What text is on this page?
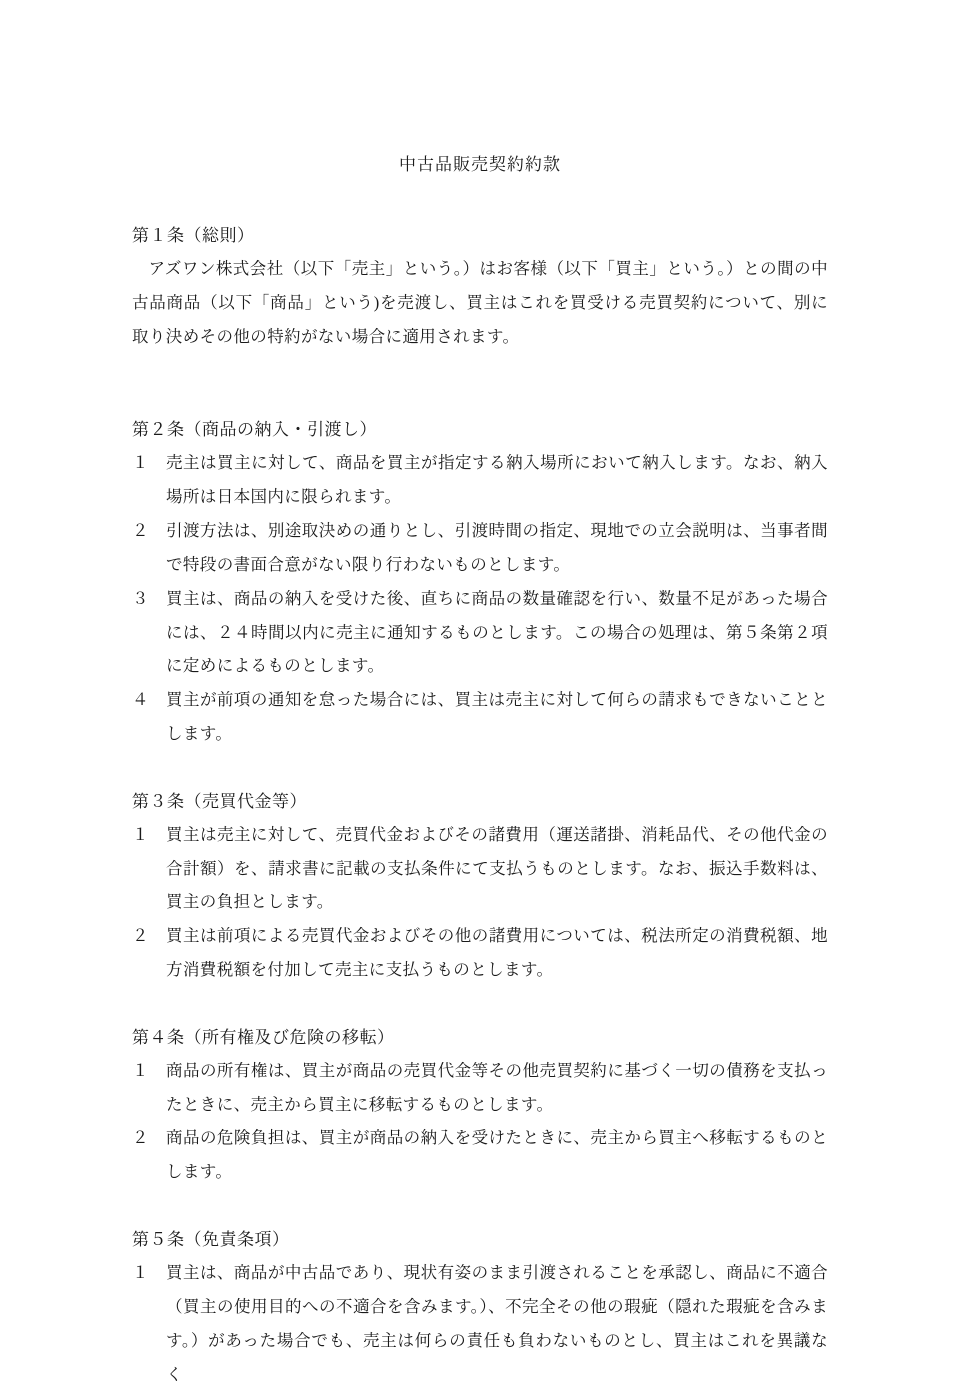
中古品販売契約約款
第１条（総則）

アズワン株式会社（以下「売主」という。）はお客様（以下「買主」という。）との間の中古品商品（以下「商品」という)を売渡し、買主はこれを買受ける売買契約について、別に取り決めその他の特約がない場合に適用されます。

第２条（商品の納入・引渡し）
１	売主は買主に対して、商品を買主が指定する納入場所において納入します。なお、納入場所は日本国内に限られます。
２	引渡方法は、別途取決めの通りとし、引渡時間の指定、現地での立会説明は、当事者間で特段の書面合意がない限り行わないものとします。
３	買主は、商品の納入を受けた後、直ちに商品の数量確認を行い、数量不足があった場合には、２４時間以内に売主に通知するものとします。この場合の処理は、第５条第２項に定めによるものとします。
４	買主が前項の通知を怠った場合には、買主は売主に対して何らの請求もできないこととします。
第３条（売買代金等）
１	買主は売主に対して、売買代金およびその諸費用（運送諸掛、消耗品代、その他代金の合計額）を、請求書に記載の支払条件にて支払うものとします。なお、振込手数料は、買主の負担とします。
２	買主は前項による売買代金およびその他の諸費用については、税法所定の消費税額、地方消費税額を付加して売主に支払うものとします。
第４条（所有権及び危険の移転）
１	商品の所有権は、買主が商品の売買代金等その他売買契約に基づく一切の債務を支払ったときに、売主から買主に移転するものとします。
２	商品の危険負担は、買主が商品の納入を受けたときに、売主から買主へ移転するものとします。
第５条（免責条項）
１	買主は、商品が中古品であり、現状有姿のまま引渡されることを承認し、商品に不適合（買主の使用目的への不適合を含みます。）、不完全その他の瑕疵（隠れた瑕疵を含みます。）があった場合でも、売主は何らの責任も負わないものとし、買主はこれを異議なく
